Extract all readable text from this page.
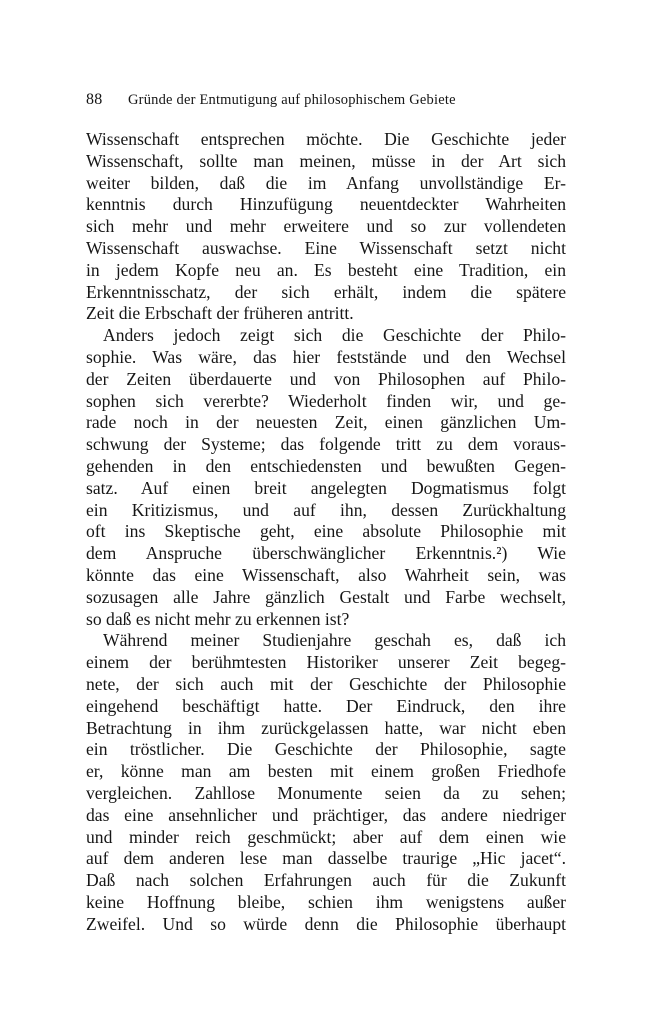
88	Gründe der Entmutigung auf philosophischem Gebiete
Wissenschaft entsprechen möchte. Die Geschichte jeder
Wissenschaft, sollte man meinen, müsse in der Art sich
weiter bilden, daß die im Anfang unvollständige Er-
kenntnis durch Hinzufügung neuentdeckter Wahrheiten
sich mehr und mehr erweitere und so zur vollendeten
Wissenschaft auswachse. Eine Wissenschaft setzt nicht
in jedem Kopfe neu an. Es besteht eine Tradition, ein
Erkenntnisschatz, der sich erhält, indem die spätere
Zeit die Erbschaft der früheren antritt.
Anders jedoch zeigt sich die Geschichte der Philo-
sophie. Was wäre, das hier feststände und den Wechsel
der Zeiten überdauerte und von Philosophen auf Philo-
sophen sich vererbte? Wiederholt finden wir, und ge-
rade noch in der neuesten Zeit, einen gänzlichen Um-
schwung der Systeme; das folgende tritt zu dem voraus-
gehenden in den entschiedensten und bewußten Gegen-
satz. Auf einen breit angelegten Dogmatismus folgt
ein Kritizismus, und auf ihn, dessen Zurückhaltung
oft ins Skeptische geht, eine absolute Philosophie mit
dem Anspruche überschwänglicher Erkenntnis.²) Wie
könnte das eine Wissenschaft, also Wahrheit sein, was
sozusagen alle Jahre gänzlich Gestalt und Farbe wechselt,
so daß es nicht mehr zu erkennen ist?
Während meiner Studienjahre geschah es, daß ich
einem der berühmtesten Historiker unserer Zeit begeg-
nete, der sich auch mit der Geschichte der Philosophie
eingehend beschäftigt hatte. Der Eindruck, den ihre
Betrachtung in ihm zurückgelassen hatte, war nicht eben
ein tröstlicher. Die Geschichte der Philosophie, sagte
er, könne man am besten mit einem großen Friedhofe
vergleichen. Zahllose Monumente seien da zu sehen;
das eine ansehnlicher und prächtiger, das andere niedriger
und minder reich geschmückt; aber auf dem einen wie
auf dem anderen lese man dasselbe traurige „Hic jacet“.
Daß nach solchen Erfahrungen auch für die Zukunft
keine Hoffnung bleibe, schien ihm wenigstens außer
Zweifel. Und so würde denn die Philosophie überhaupt
